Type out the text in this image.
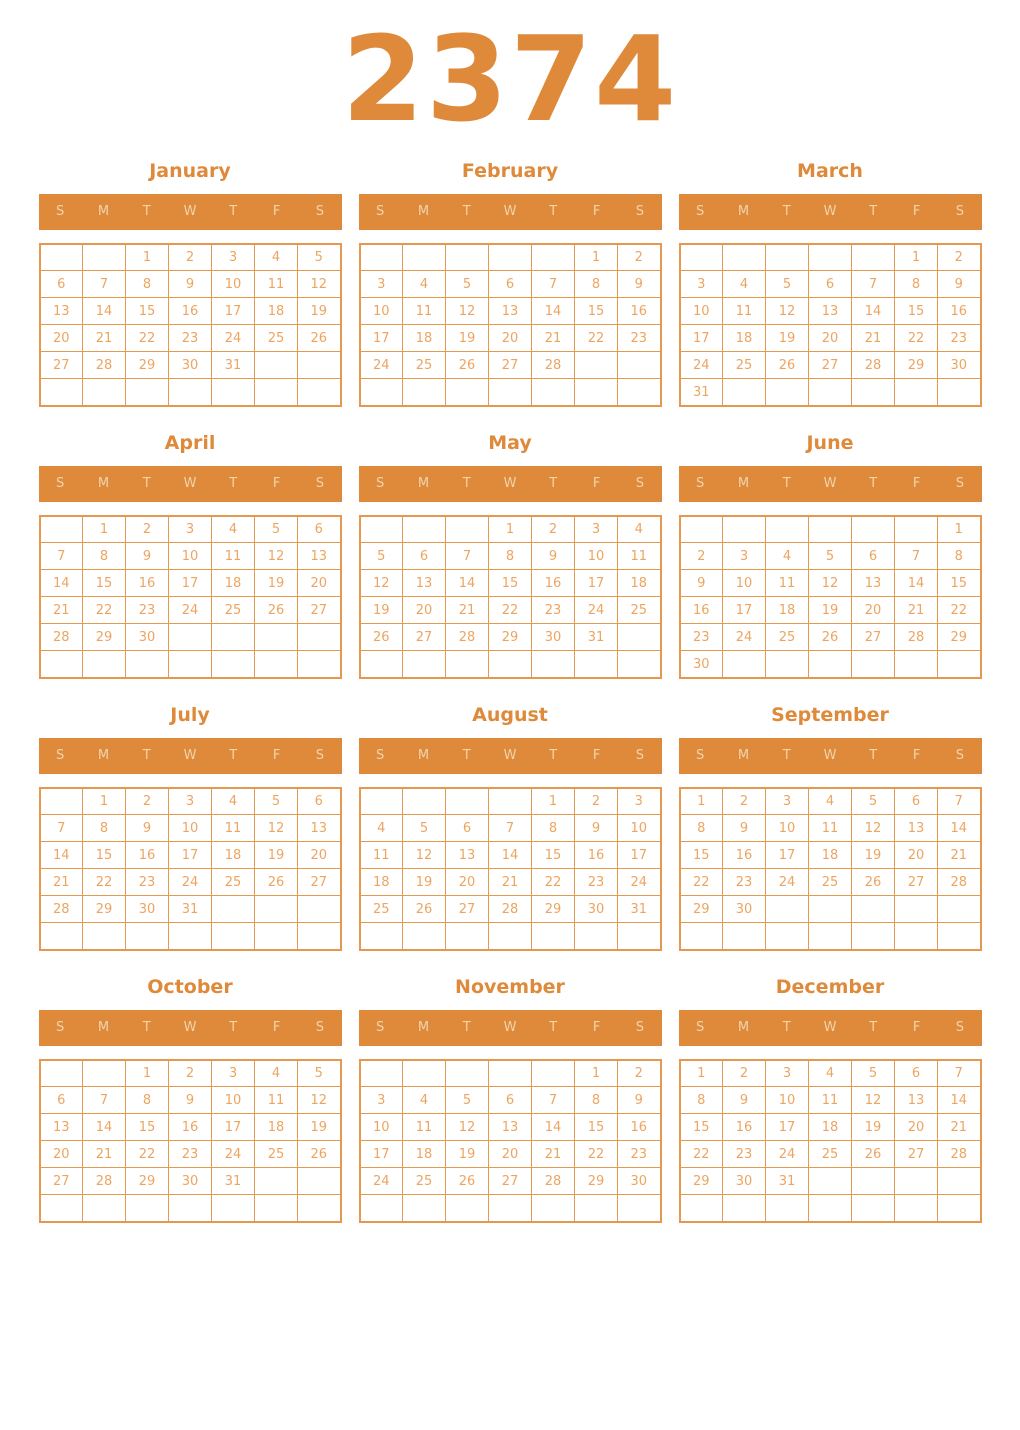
2374
January
S	M	T	W	T	F	S
		1	2	3	4	5
6	7	8	9	10	11	12
13	14	15	16	17	18	19
20	21	22	23	24	25	26
27	28	29	30	31		

February
S	M	T	W	T	F	S
					1	2
3	4	5	6	7	8	9
10	11	12	13	14	15	16
17	18	19	20	21	22	23
24	25	26	27	28		

March
S	M	T	W	T	F	S
					1	2
3	4	5	6	7	8	9
10	11	12	13	14	15	16
17	18	19	20	21	22	23
24	25	26	27	28	29	30
31						
April
S	M	T	W	T	F	S
	1	2	3	4	5	6
7	8	9	10	11	12	13
14	15	16	17	18	19	20
21	22	23	24	25	26	27
28	29	30				

May
S	M	T	W	T	F	S
			1	2	3	4
5	6	7	8	9	10	11
12	13	14	15	16	17	18
19	20	21	22	23	24	25
26	27	28	29	30	31	

June
S	M	T	W	T	F	S
						1
2	3	4	5	6	7	8
9	10	11	12	13	14	15
16	17	18	19	20	21	22
23	24	25	26	27	28	29
30						
July
S	M	T	W	T	F	S
	1	2	3	4	5	6
7	8	9	10	11	12	13
14	15	16	17	18	19	20
21	22	23	24	25	26	27
28	29	30	31			

August
S	M	T	W	T	F	S
				1	2	3
4	5	6	7	8	9	10
11	12	13	14	15	16	17
18	19	20	21	22	23	24
25	26	27	28	29	30	31

September
S	M	T	W	T	F	S
1	2	3	4	5	6	7
8	9	10	11	12	13	14
15	16	17	18	19	20	21
22	23	24	25	26	27	28
29	30					

October
S	M	T	W	T	F	S
		1	2	3	4	5
6	7	8	9	10	11	12
13	14	15	16	17	18	19
20	21	22	23	24	25	26
27	28	29	30	31		

November
S	M	T	W	T	F	S
					1	2
3	4	5	6	7	8	9
10	11	12	13	14	15	16
17	18	19	20	21	22	23
24	25	26	27	28	29	30

December
S	M	T	W	T	F	S
1	2	3	4	5	6	7
8	9	10	11	12	13	14
15	16	17	18	19	20	21
22	23	24	25	26	27	28
29	30	31				
